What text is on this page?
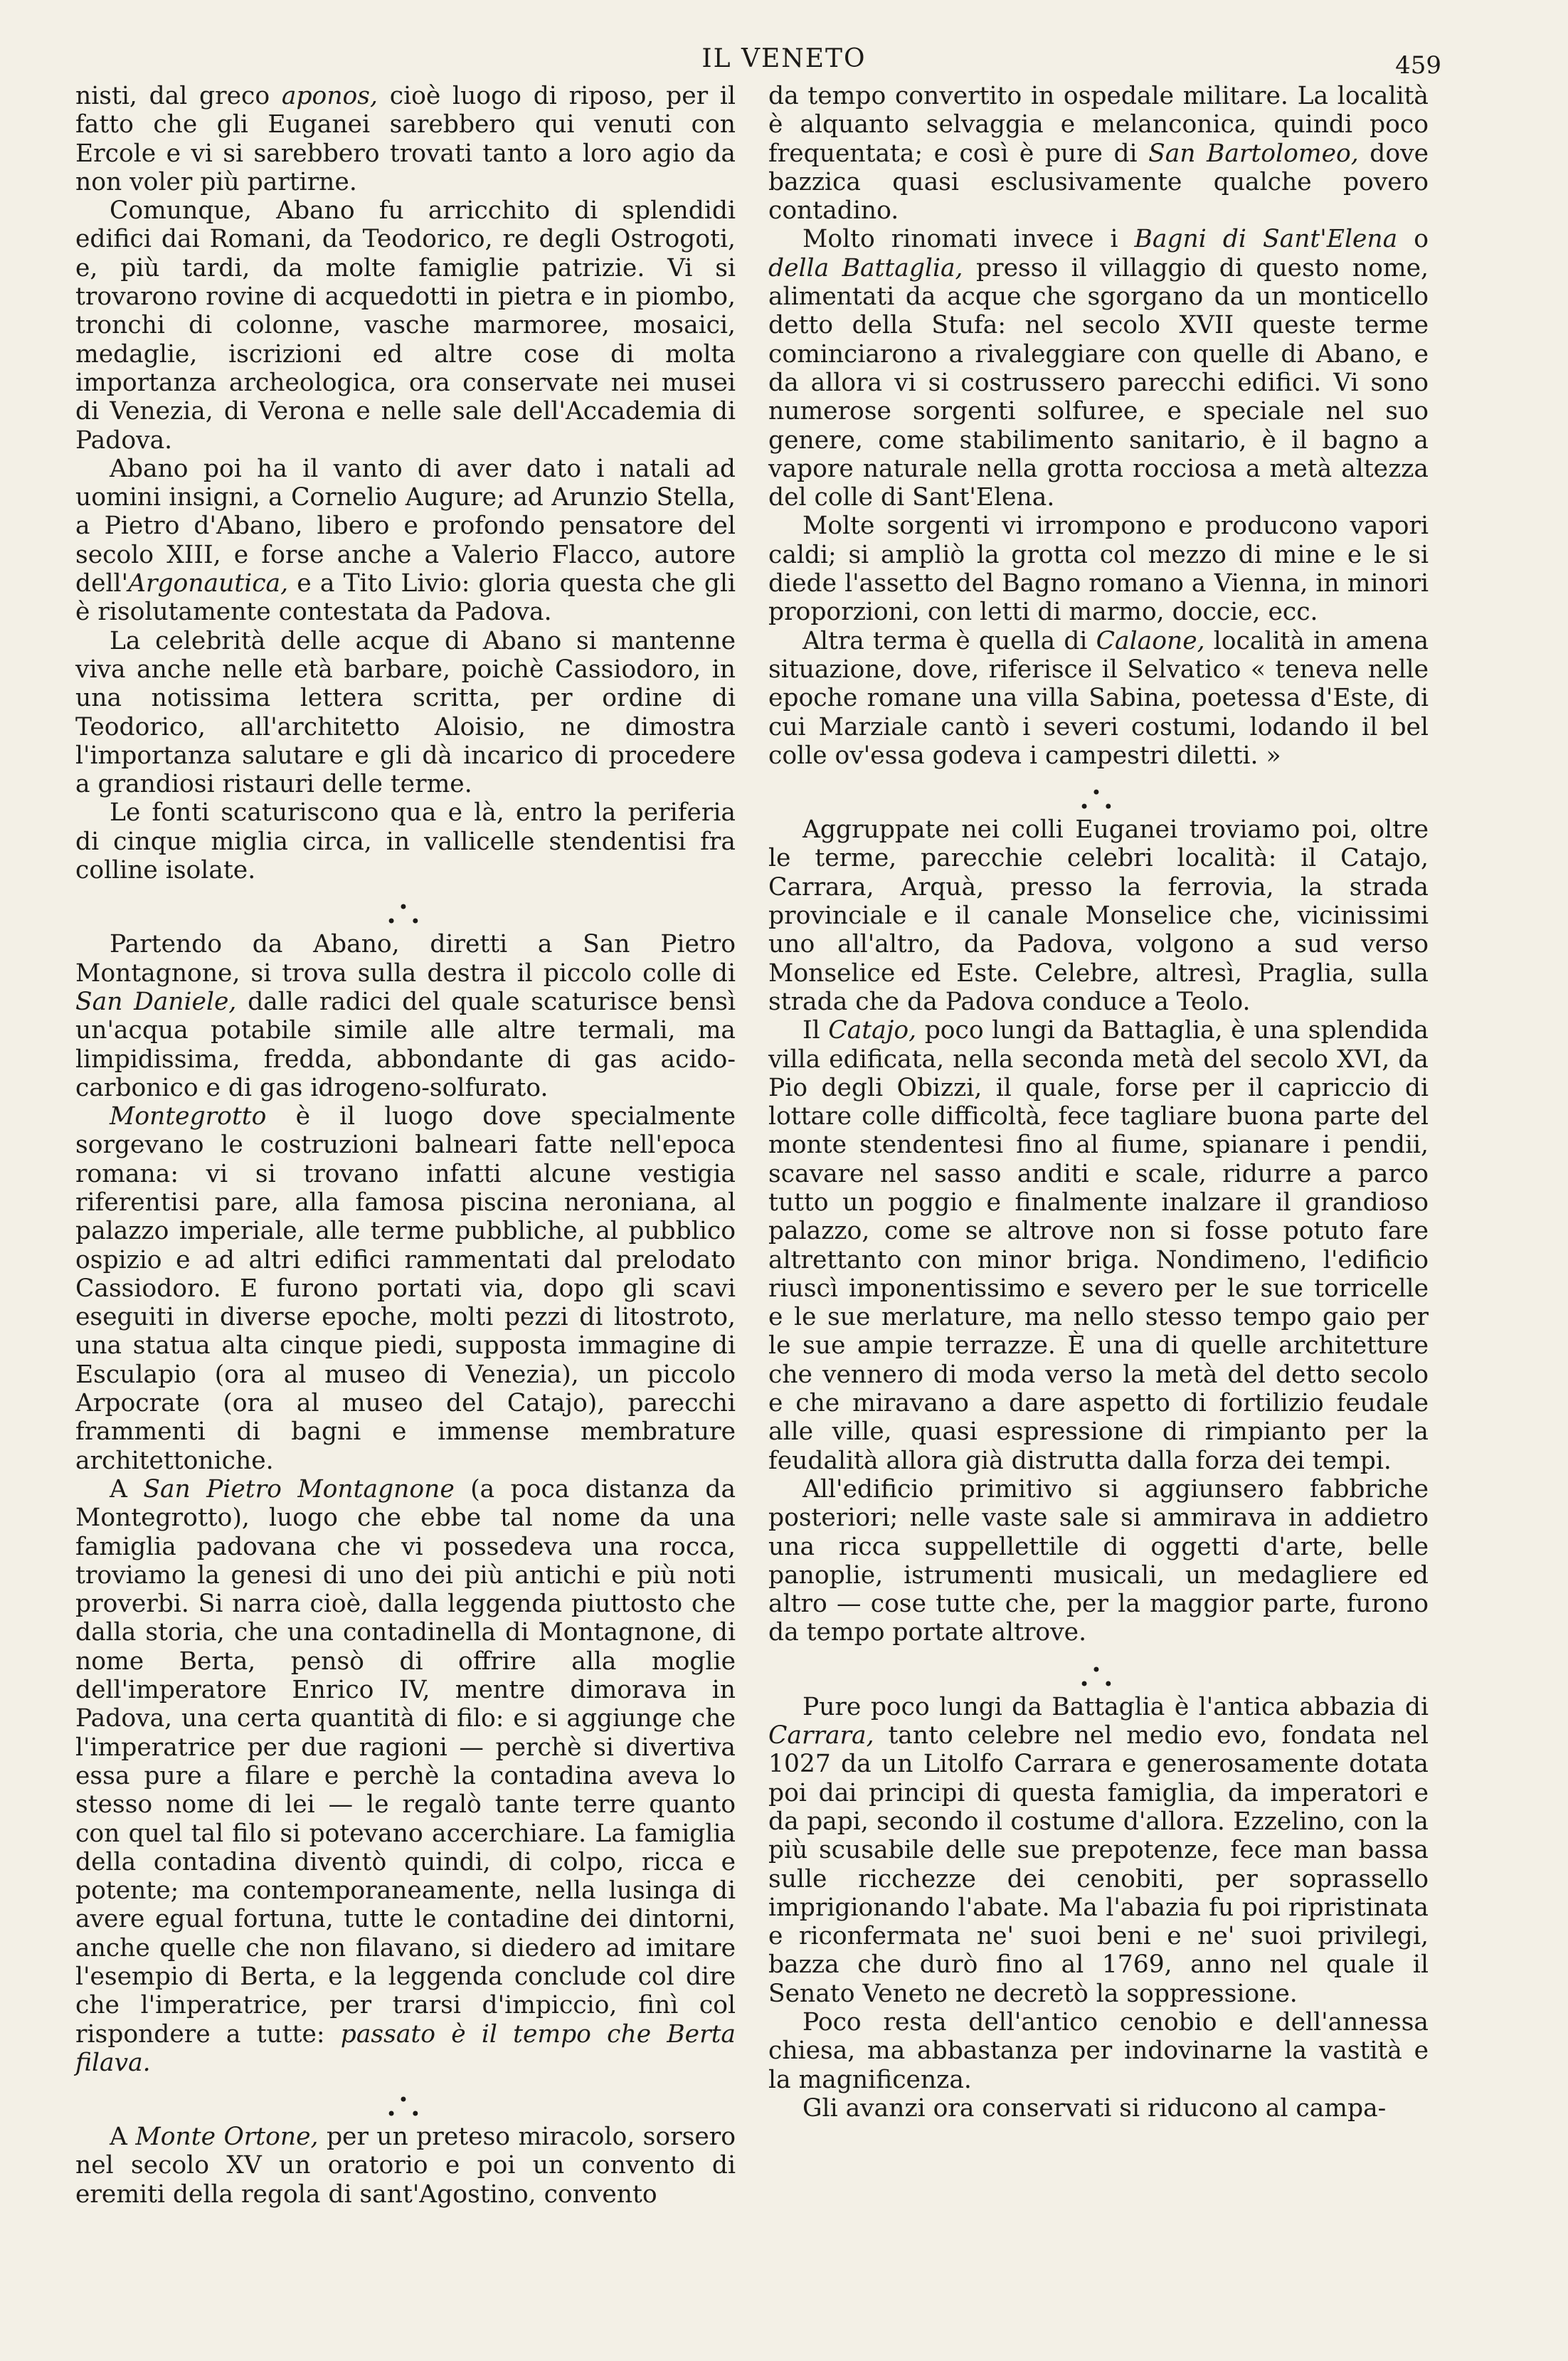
IL VENETO	459

nisti, dal greco aponos, cioè luogo di riposo, per il fatto che gli Euganei sarebbero qui venuti con Ercole e vi si sarebbero trovati tanto a loro agio da non voler più partirne.

Comunque, Abano fu arricchito di splendidi edifici dai Romani, da Teodorico, re degli Ostrogoti, e, più tardi, da molte famiglie patrizie. Vi si trovarono rovine di acquedotti in pietra e in piombo, tronchi di colonne, vasche marmoree, mosaici, medaglie, iscrizioni ed altre cose di molta importanza archeologica, ora conservate nei musei di Venezia, di Verona e nelle sale dell'Accademia di Padova.

Abano poi ha il vanto di aver dato i natali ad uomini insigni, a Cornelio Augure; ad Arunzio Stella, a Pietro d'Abano, libero e profondo pensatore del secolo XIII, e forse anche a Valerio Flacco, autore dell'Argonautica, e a Tito Livio: gloria questa che gli è risolutamente contestata da Padova.

La celebrità delle acque di Abano si mantenne viva anche nelle età barbare, poichè Cassiodoro, in una notissima lettera scritta, per ordine di Teodorico, all'architetto Aloisio, ne dimostra l'importanza salutare e gli dà incarico di procedere a grandiosi ristauri delle terme.

Le fonti scaturiscono qua e là, entro la periferia di cinque miglia circa, in vallicelle stendentisi fra colline isolate.

•
• •

Partendo da Abano, diretti a San Pietro Montagnone, si trova sulla destra il piccolo colle di San Daniele, dalle radici del quale scaturisce bensì un'acqua potabile simile alle altre termali, ma limpidissima, fredda, abbondante di gas acido-carbonico e di gas idrogeno-solfurato.

Montegrotto è il luogo dove specialmente sorgevano le costruzioni balneari fatte nell'epoca romana: vi si trovano infatti alcune vestigia riferentisi pare, alla famosa piscina neroniana, al palazzo imperiale, alle terme pubbliche, al pubblico ospizio e ad altri edifici rammentati dal prelodato Cassiodoro. E furono portati via, dopo gli scavi eseguiti in diverse epoche, molti pezzi di litostroto, una statua alta cinque piedi, supposta immagine di Esculapio (ora al museo di Venezia), un piccolo Arpocrate (ora al museo del Catajo), parecchi frammenti di bagni e immense membrature architettoniche.

A San Pietro Montagnone (a poca distanza da Montegrotto), luogo che ebbe tal nome da una famiglia padovana che vi possedeva una rocca, troviamo la genesi di uno dei più antichi e più noti proverbi. Si narra cioè, dalla leggenda piuttosto che dalla storia, che una contadinella di Montagnone, di nome Berta, pensò di offrire alla moglie dell'imperatore Enrico IV, mentre dimorava in Padova, una certa quantità di filo: e si aggiunge che l'imperatrice per due ragioni — perchè si divertiva essa pure a filare e perchè la contadina aveva lo stesso nome di lei — le regalò tante terre quanto con quel tal filo si potevano accerchiare. La famiglia della contadina diventò quindi, di colpo, ricca e potente; ma contemporaneamente, nella lusinga di avere egual fortuna, tutte le contadine dei dintorni, anche quelle che non filavano, si diedero ad imitare l'esempio di Berta, e la leggenda conclude col dire che l'imperatrice, per trarsi d'impiccio, finì col rispondere a tutte: passato è il tempo che Berta filava.

•
• •

A Monte Ortone, per un preteso miracolo, sorsero nel secolo XV un oratorio e poi un convento di eremiti della regola di sant'Agostino, convento

da tempo convertito in ospedale militare. La località è alquanto selvaggia e melanconica, quindi poco frequentata; e così è pure di San Bartolomeo, dove bazzica quasi esclusivamente qualche povero contadino.

Molto rinomati invece i Bagni di Sant'Elena o della Battaglia, presso il villaggio di questo nome, alimentati da acque che sgorgano da un monticello detto della Stufa: nel secolo XVII queste terme cominciarono a rivaleggiare con quelle di Abano, e da allora vi si costrussero parecchi edifici. Vi sono numerose sorgenti solfuree, e speciale nel suo genere, come stabilimento sanitario, è il bagno a vapore naturale nella grotta rocciosa a metà altezza del colle di Sant'Elena.

Molte sorgenti vi irrompono e producono vapori caldi; si ampliò la grotta col mezzo di mine e le si diede l'assetto del Bagno romano a Vienna, in minori proporzioni, con letti di marmo, doccie, ecc.

Altra terma è quella di Calaone, località in amena situazione, dove, riferisce il Selvatico « teneva nelle epoche romane una villa Sabina, poetessa d'Este, di cui Marziale cantò i severi costumi, lodando il bel colle ov'essa godeva i campestri diletti. »

•
• •

Aggruppate nei colli Euganei troviamo poi, oltre le terme, parecchie celebri località: il Catajo, Carrara, Arquà, presso la ferrovia, la strada provinciale e il canale Monselice che, vicinissimi uno all'altro, da Padova, volgono a sud verso Monselice ed Este. Celebre, altresì, Praglia, sulla strada che da Padova conduce a Teolo.

Il Catajo, poco lungi da Battaglia, è una splendida villa edificata, nella seconda metà del secolo XVI, da Pio degli Obizzi, il quale, forse per il capriccio di lottare colle difficoltà, fece tagliare buona parte del monte stendentesi fino al fiume, spianare i pendii, scavare nel sasso anditi e scale, ridurre a parco tutto un poggio e finalmente inalzare il grandioso palazzo, come se altrove non si fosse potuto fare altrettanto con minor briga. Nondimeno, l'edificio riuscì imponentissimo e severo per le sue torricelle e le sue merlature, ma nello stesso tempo gaio per le sue ampie terrazze. È una di quelle architetture che vennero di moda verso la metà del detto secolo e che miravano a dare aspetto di fortilizio feudale alle ville, quasi espressione di rimpianto per la feudalità allora già distrutta dalla forza dei tempi.

All'edificio primitivo si aggiunsero fabbriche posteriori; nelle vaste sale si ammirava in addietro una ricca suppellettile di oggetti d'arte, belle panoplie, istrumenti musicali, un medagliere ed altro — cose tutte che, per la maggior parte, furono da tempo portate altrove.

•
• •

Pure poco lungi da Battaglia è l'antica abbazia di Carrara, tanto celebre nel medio evo, fondata nel 1027 da un Litolfo Carrara e generosamente dotata poi dai principi di questa famiglia, da imperatori e da papi, secondo il costume d'allora. Ezzelino, con la più scusabile delle sue prepotenze, fece man bassa sulle ricchezze dei cenobiti, per soprassello imprigionando l'abate. Ma l'abazia fu poi ripristinata e riconfermata ne' suoi beni e ne' suoi privilegi, bazza che durò fino al 1769, anno nel quale il Senato Veneto ne decretò la soppressione.

Poco resta dell'antico cenobio e dell'annessa chiesa, ma abbastanza per indovinarne la vastità e la magnificenza.

Gli avanzi ora conservati si riducono al campa-
